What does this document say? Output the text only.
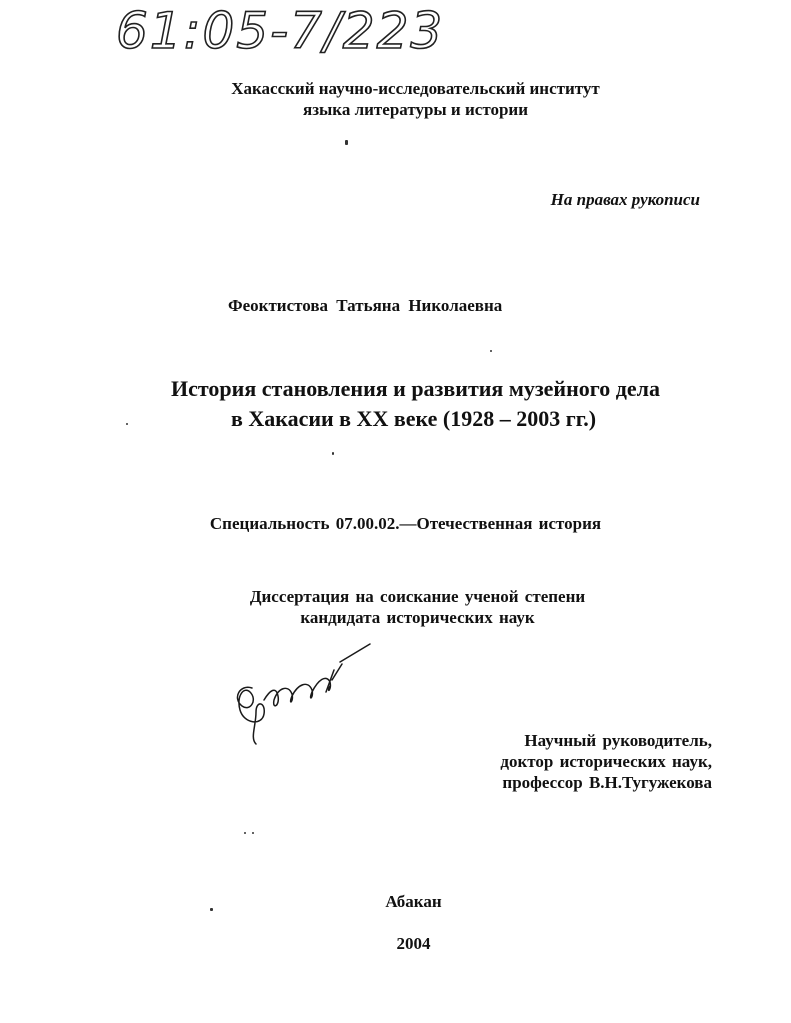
61:05-7/223
Хакасский научно-исследовательский институт
языка литературы и истории
На правах рукописи
Феоктистова Татьяна Николаевна
История становления и развития музейного дела
в Хакасии в XX веке (1928 – 2003 гг.)
Специальность 07.00.02.—Отечественная история
Диссертация на соискание ученой степени
кандидата исторических наук
Научный руководитель,
доктор исторических наук,
профессор В.Н.Тугужекова
Абакан
2004
